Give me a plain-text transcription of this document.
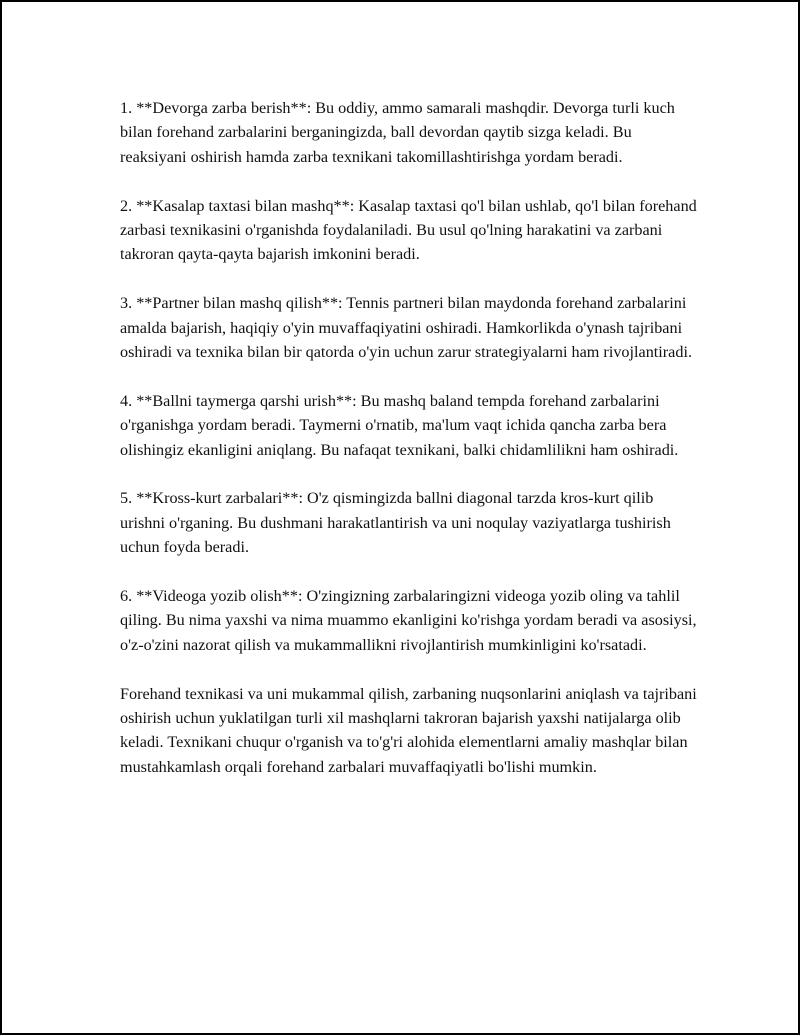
1. **Devorga zarba berish**: Bu oddiy, ammo samarali mashqdir. Devorga turli kuch bilan forehand zarbalarini berganingizda, ball devordan qaytib sizga keladi. Bu reaksiyani oshirish hamda zarba texnikani takomillashtirishga yordam beradi.

2. **Kasalap taxtasi bilan mashq**: Kasalap taxtasi qo'l bilan ushlab, qo'l bilan forehand zarbasi texnikasini o'rganishda foydalaniladi. Bu usul qo'lning harakatini va zarbani takroran qayta-qayta bajarish imkonini beradi.

3. **Partner bilan mashq qilish**: Tennis partneri bilan maydonda forehand zarbalarini amalda bajarish, haqiqiy o'yin muvaffaqiyatini oshiradi. Hamkorlikda o'ynash tajribani oshiradi va texnika bilan bir qatorda o'yin uchun zarur strategiyalarni ham rivojlantiradi.

4. **Ballni taymerga qarshi urish**: Bu mashq baland tempda forehand zarbalarini o'rganishga yordam beradi. Taymerni o'rnatib, ma'lum vaqt ichida qancha zarba bera olishingiz ekanligini aniqlang. Bu nafaqat texnikani, balki chidamlilikni ham oshiradi.

5. **Kross-kurt zarbalari**: O'z qismingizda ballni diagonal tarzda kros-kurt qilib urishni o'rganing. Bu dushmani harakatlantirish va uni noqulay vaziyatlarga tushirish uchun foyda beradi.

6. **Videoga yozib olish**: O'zingizning zarbalaringizni videoga yozib oling va tahlil qiling. Bu nima yaxshi va nima muammo ekanligini ko'rishga yordam beradi va asosiysi, o'z-o'zini nazorat qilish va mukammallikni rivojlantirish mumkinligini ko'rsatadi.

Forehand texnikasi va uni mukammal qilish, zarbaning nuqsonlarini aniqlash va tajribani oshirish uchun yuklatilgan turli xil mashqlarni takroran bajarish yaxshi natijalarga olib keladi. Texnikani chuqur o'rganish va to'g'ri alohida elementlarni amaliy mashqlar bilan mustahkamlash orqali forehand zarbalari muvaffaqiyatli bo'lishi mumkin.
